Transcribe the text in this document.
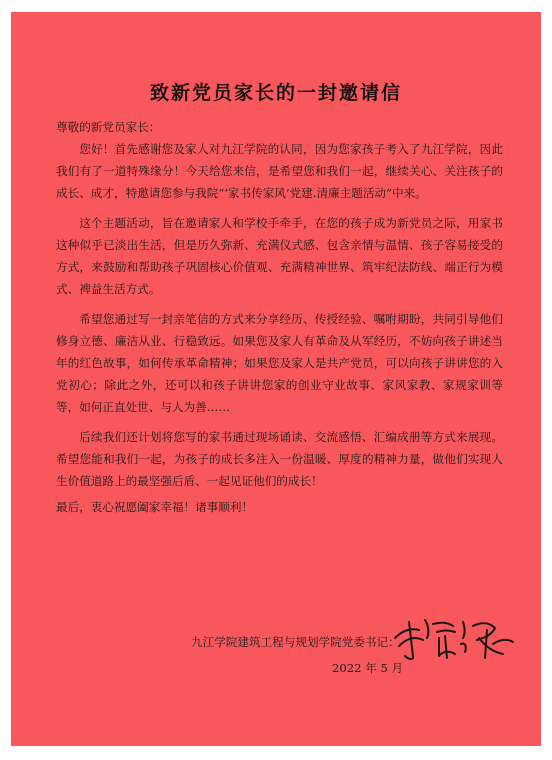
致新党员家长的一封邀请信

尊敬的新党员家长：

您好！首先感谢您及家人对九江学院的认同，因为您家孩子考入了九江学院，因此我们有了一道特殊缘分！今天给您来信，是希望您和我们一起，继续关心、关注孩子的成长、成才，特邀请您参与我院“‘家书传家风’党建.清廉主题活动”中来。

这个主题活动，旨在邀请家人和学校手牵手，在您的孩子成为新党员之际，用家书这种似乎已淡出生活，但是历久弥新、充满仪式感、包含亲情与温情、孩子容易接受的方式，来鼓励和帮助孩子巩固核心价值观、充满精神世界、筑牢纪法防线、端正行为模式、裨益生活方式。

希望您通过写一封亲笔信的方式来分享经历、传授经验、嘱咐期盼，共同引导他们修身立德、廉洁从业、行稳致远。如果您及家人有革命及从军经历，不妨向孩子讲述当年的红色故事，如何传承革命精神；如果您及家人是共产党员，可以向孩子讲讲您的入党初心；除此之外，还可以和孩子讲讲您家的创业守业故事、家风家教、家规家训等等，如何正直处世、与人为善……

后续我们还计划将您写的家书通过现场诵读、交流感悟、汇编成册等方式来展现。希望您能和我们一起，为孩子的成长多注入一份温暖、厚度的精神力量，做他们实现人生价值道路上的最坚强后盾、一起见证他们的成长！

最后，衷心祝愿阖家幸福！诸事顺利！

九江学院建筑工程与规划学院党委书记：
2022 年 5 月
